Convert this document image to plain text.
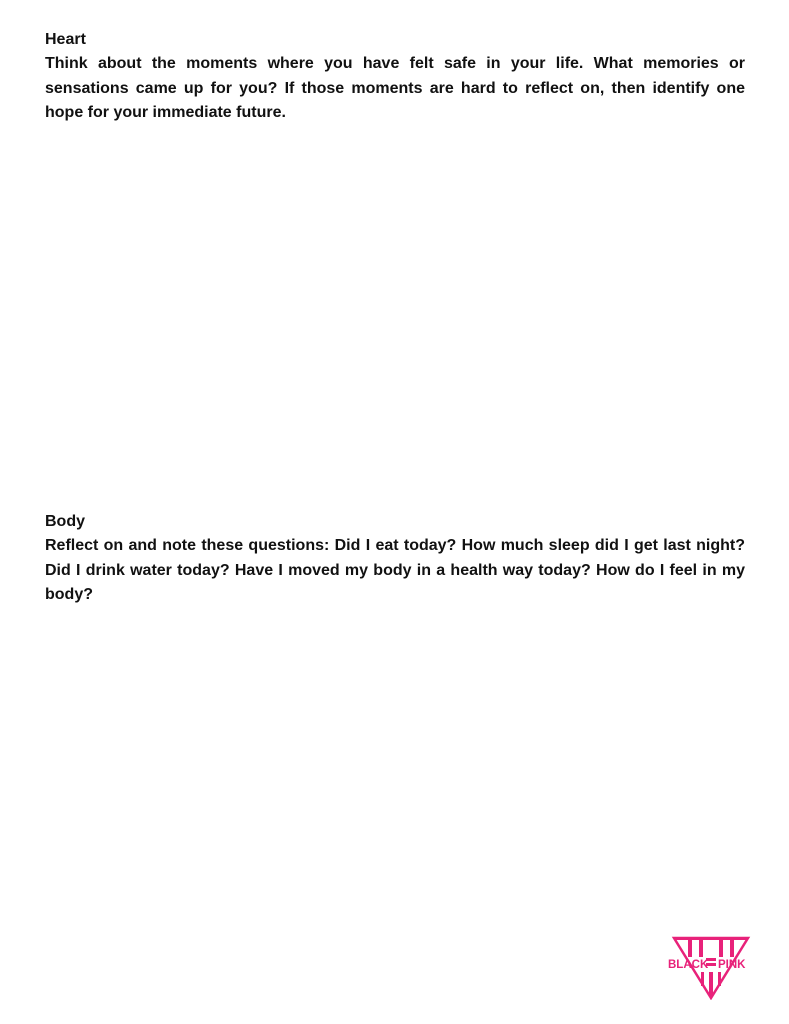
Heart

Think about the moments where you have felt safe in your life. What memories or sensations came up for you? If those moments are hard to reflect on, then identify one hope for your immediate future.

Body

Reflect on and note these questions: Did I eat today? How much sleep did I get last night? Did I drink water today? Have I moved my body in a health way today? How do I feel in my body?

BLACK PINK
